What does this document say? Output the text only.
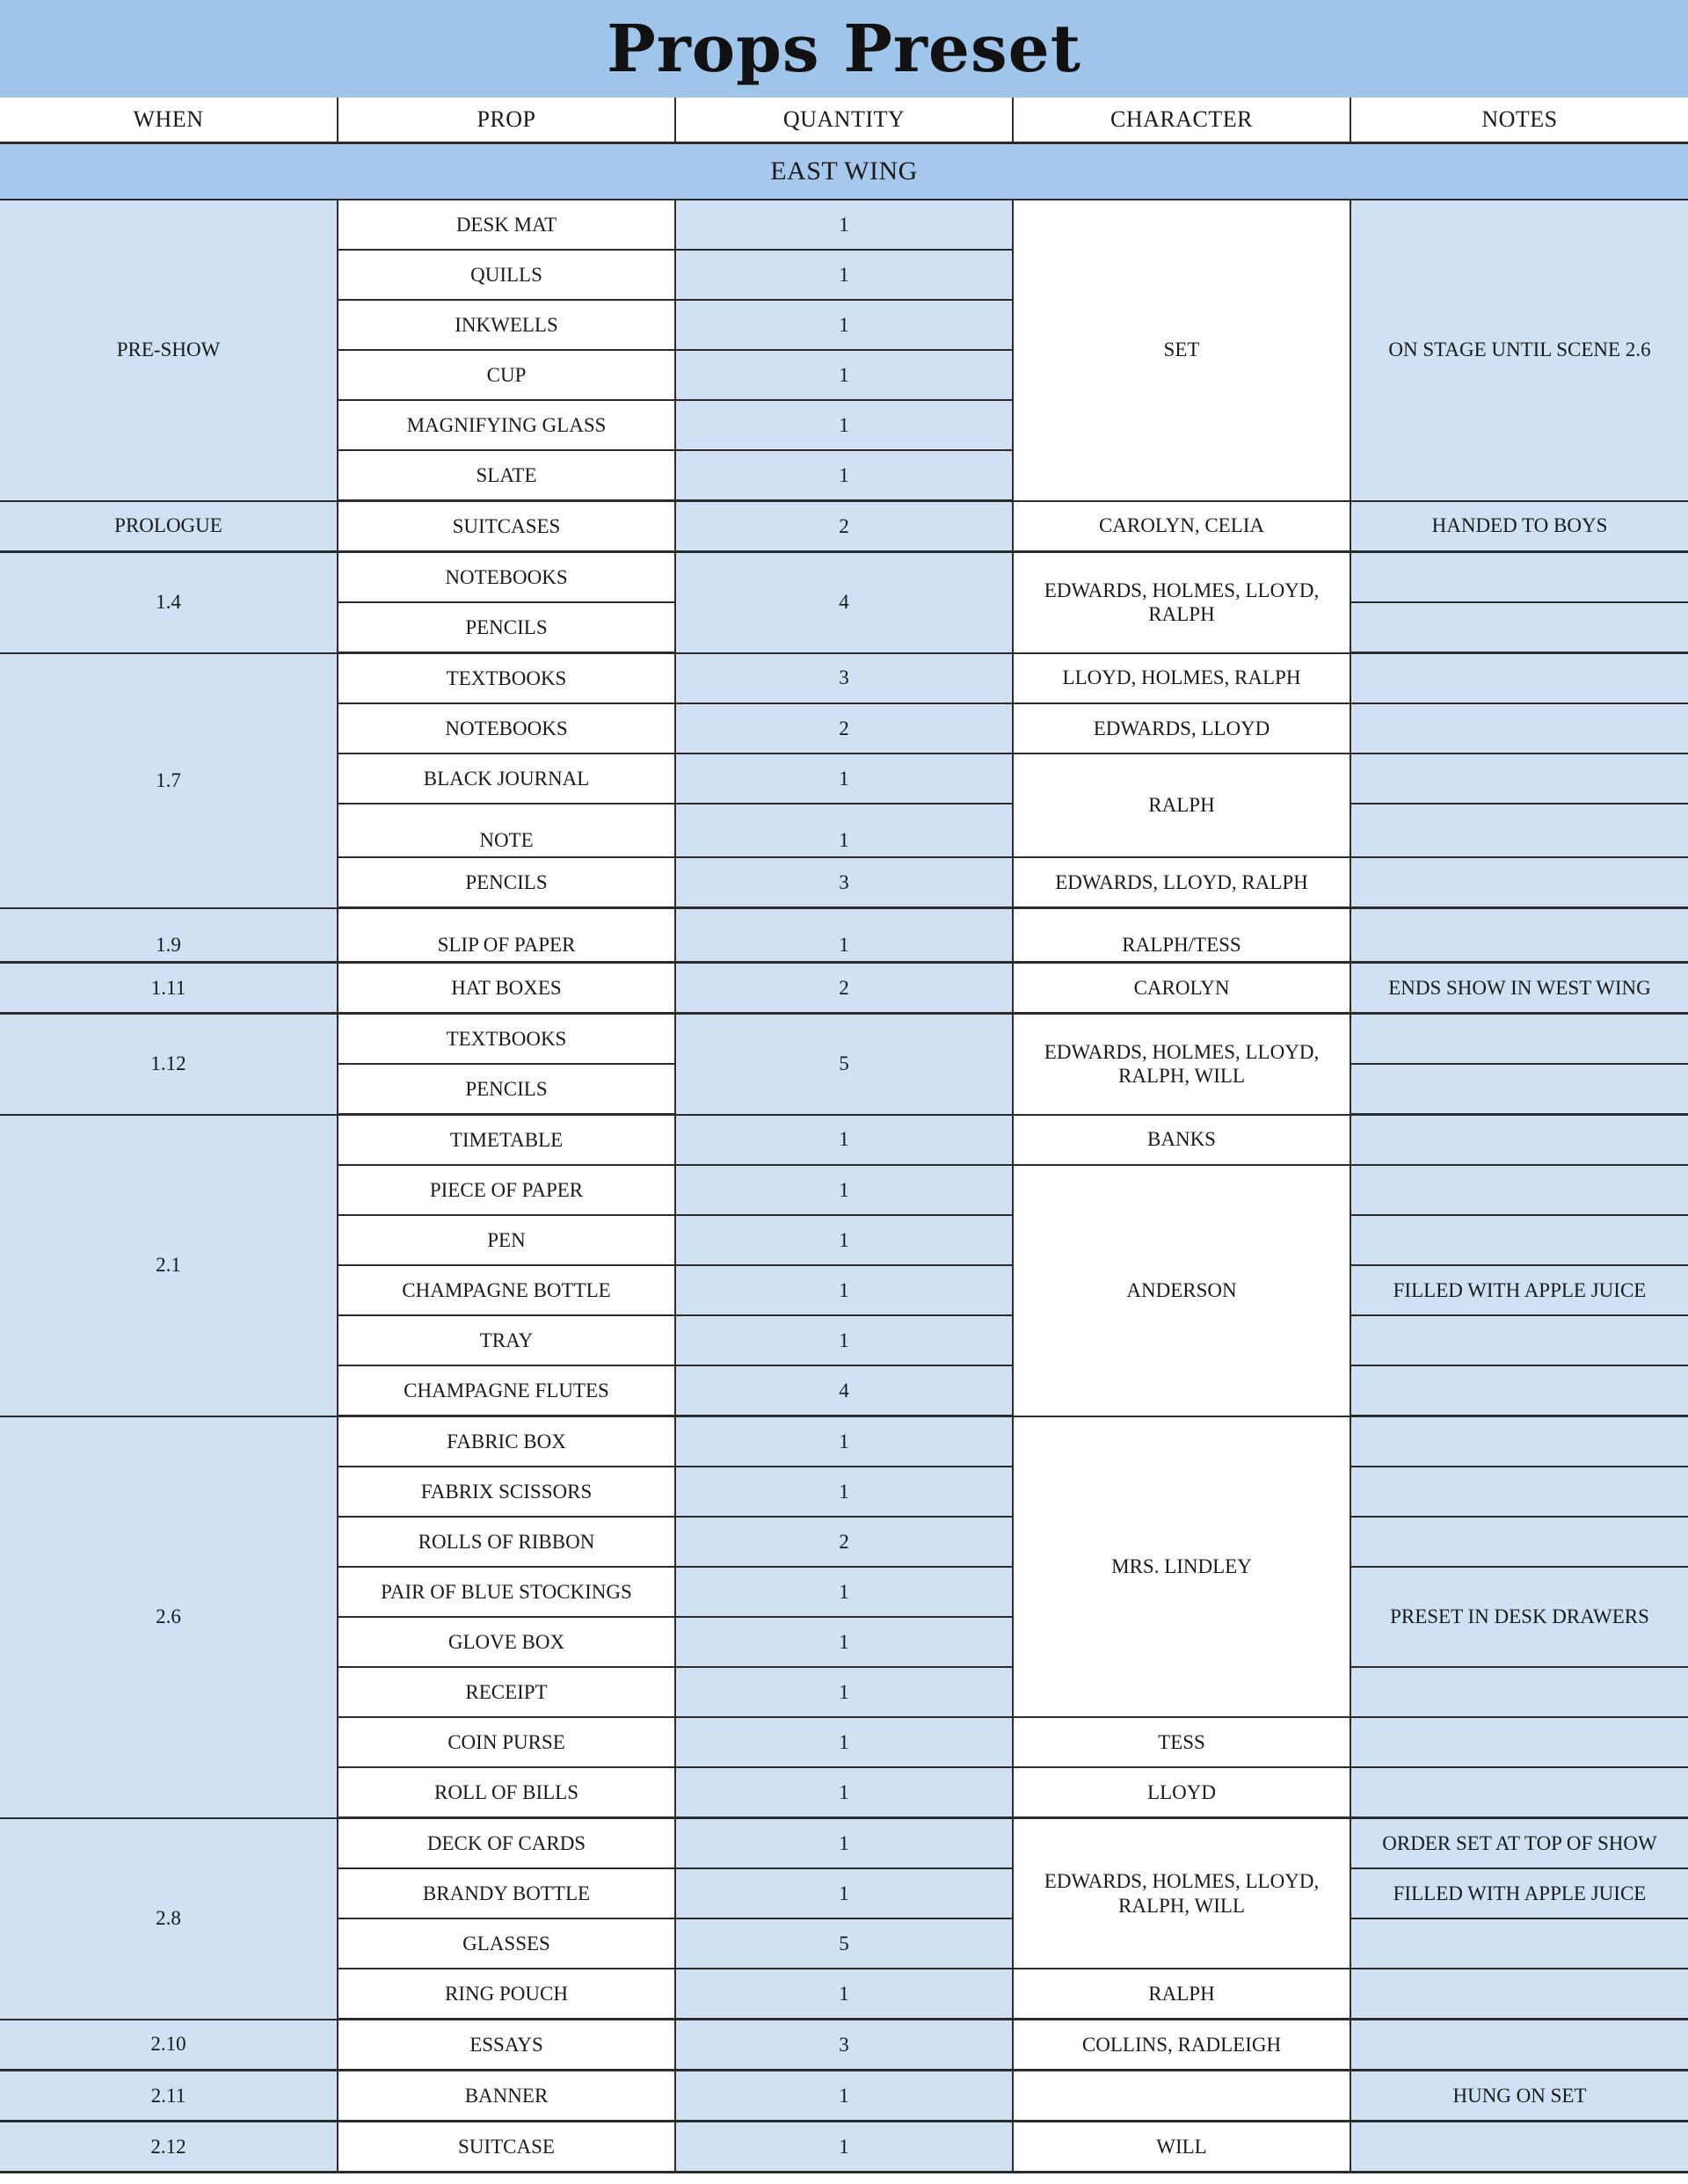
Props Preset
WHEN	PROP	QUANTITY	CHARACTER	NOTES
EAST WING				
PRE-SHOW	DESK MAT	1	SET	ON STAGE UNTIL SCENE 2.6
	QUILLS	1		
	INKWELLS	1		
	CUP	1		
	MAGNIFYING GLASS	1		
	SLATE	1		
PROLOGUE	SUITCASES	2	CAROLYN, CELIA	HANDED TO BOYS
1.4	NOTEBOOKS	4	EDWARDS, HOLMES, LLOYD, RALPH	
	PENCILS			
1.7	TEXTBOOKS	3	LLOYD, HOLMES, RALPH	
	NOTEBOOKS	2	EDWARDS, LLOYD	
	BLACK JOURNAL	1	RALPH	
	NOTE	1		
	PENCILS	3	EDWARDS, LLOYD, RALPH	
1.9	SLIP OF PAPER	1	RALPH/TESS	
1.11	HAT BOXES	2	CAROLYN	ENDS SHOW IN WEST WING
1.12	TEXTBOOKS	5	EDWARDS, HOLMES, LLOYD, RALPH, WILL	
	PENCILS			
2.1	TIMETABLE	1	BANKS	
	PIECE OF PAPER	1	ANDERSON	
	PEN	1		
	CHAMPAGNE BOTTLE	1		FILLED WITH APPLE JUICE
	TRAY	1		
	CHAMPAGNE FLUTES	4		
2.6	FABRIC BOX	1	MRS. LINDLEY	
	FABRIX SCISSORS	1		
	ROLLS OF RIBBON	2		
	PAIR OF BLUE STOCKINGS	1		PRESET IN DESK DRAWERS
	GLOVE BOX	1		
	RECEIPT	1		
	COIN PURSE	1	TESS	
	ROLL OF BILLS	1	LLOYD	
2.8	DECK OF CARDS	1	EDWARDS, HOLMES, LLOYD, RALPH, WILL	ORDER SET AT TOP OF SHOW
	BRANDY BOTTLE	1		FILLED WITH APPLE JUICE
	GLASSES	5		
	RING POUCH	1	RALPH	
2.10	ESSAYS	3	COLLINS, RADLEIGH	
2.11	BANNER	1		HUNG ON SET
2.12	SUITCASE	1	WILL	
